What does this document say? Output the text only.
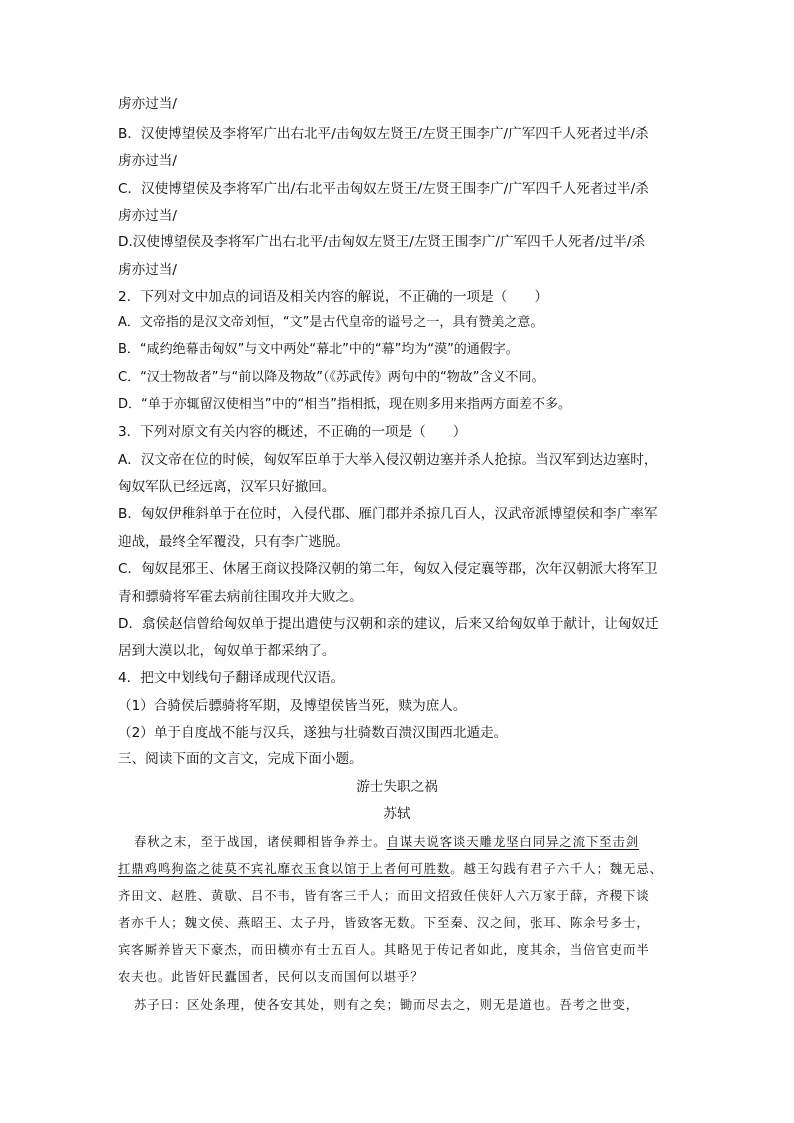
虏亦过当/
B．汉使博望侯及李将军广出右北平/击匈奴左贤王/左贤王围李广/广军四千人死者过半/杀
虏亦过当/
C．汉使博望侯及李将军广出/右北平击匈奴左贤王/左贤王围李广/广军四千人死者过半/杀
虏亦过当/
D.汉使博望侯及李将军广出右北平/击匈奴左贤王/左贤王围李广/广军四千人死者/过半/杀
虏亦过当/
2．下列对文中加点的词语及相关内容的解说，不正确的一项是（　　）
A．文帝指的是汉文帝刘恒，“文”是古代皇帝的谥号之一，具有赞美之意。
B．“咸约绝幕击匈奴”与文中两处“幕北”中的“幕”均为“漠”的通假字。
C．“汉士物故者”与“前以降及物故”（《苏武传》两句中的“物故”含义不同。
D．“单于亦辄留汉使相当”中的“相当”指相抵，现在则多用来指两方面差不多。
3．下列对原文有关内容的概述，不正确的一项是（　　）
A．汉文帝在位的时候，匈奴军臣单于大举入侵汉朝边塞并杀人抢掠。当汉军到达边塞时，
匈奴军队已经远离，汉军只好撤回。
B．匈奴伊稚斜单于在位时，入侵代郡、雁门郡并杀掠几百人，汉武帝派博望侯和李广率军
迎战，最终全军覆没，只有李广逃脱。
C．匈奴昆邪王、休屠王商议投降汉朝的第二年，匈奴入侵定襄等郡，次年汉朝派大将军卫
青和骠骑将军霍去病前往围攻并大败之。
D．翕侯赵信曾给匈奴单于提出遣使与汉朝和亲的建议，后来又给匈奴单于献计，让匈奴迁
居到大漠以北，匈奴单于都采纳了。
4．把文中划线句子翻译成现代汉语。
（1）合骑侯后骠骑将军期，及博望侯皆当死，赎为庶人。
（2）单于自度战不能与汉兵，遂独与壮骑数百溃汉围西北遁走。
三、阅读下面的文言文，完成下面小题。
游士失职之祸
苏轼
春秋之末，至于战国，诸侯卿相皆争养士。自谋夫说客谈天雕龙坚白同异之流下至击剑
扛鼎鸡鸣狗盗之徒莫不宾礼靡衣玉食以馆于上者何可胜数。越王勾践有君子六千人；魏无忌、
齐田文、赵胜、黄歇、吕不韦，皆有客三千人；而田文招致任侠奸人六万家于薛，齐稷下谈
者亦千人；魏文侯、燕昭王、太子丹，皆致客无数。下至秦、汉之间，张耳、陈余号多士，
宾客厮养皆天下豪杰，而田横亦有士五百人。其略见于传记者如此，度其余，当倍官吏而半
农夫也。此皆奸民蠹国者，民何以支而国何以堪乎？
苏子曰：区处条理，使各安其处，则有之矣；锄而尽去之，则无是道也。吾考之世变，
